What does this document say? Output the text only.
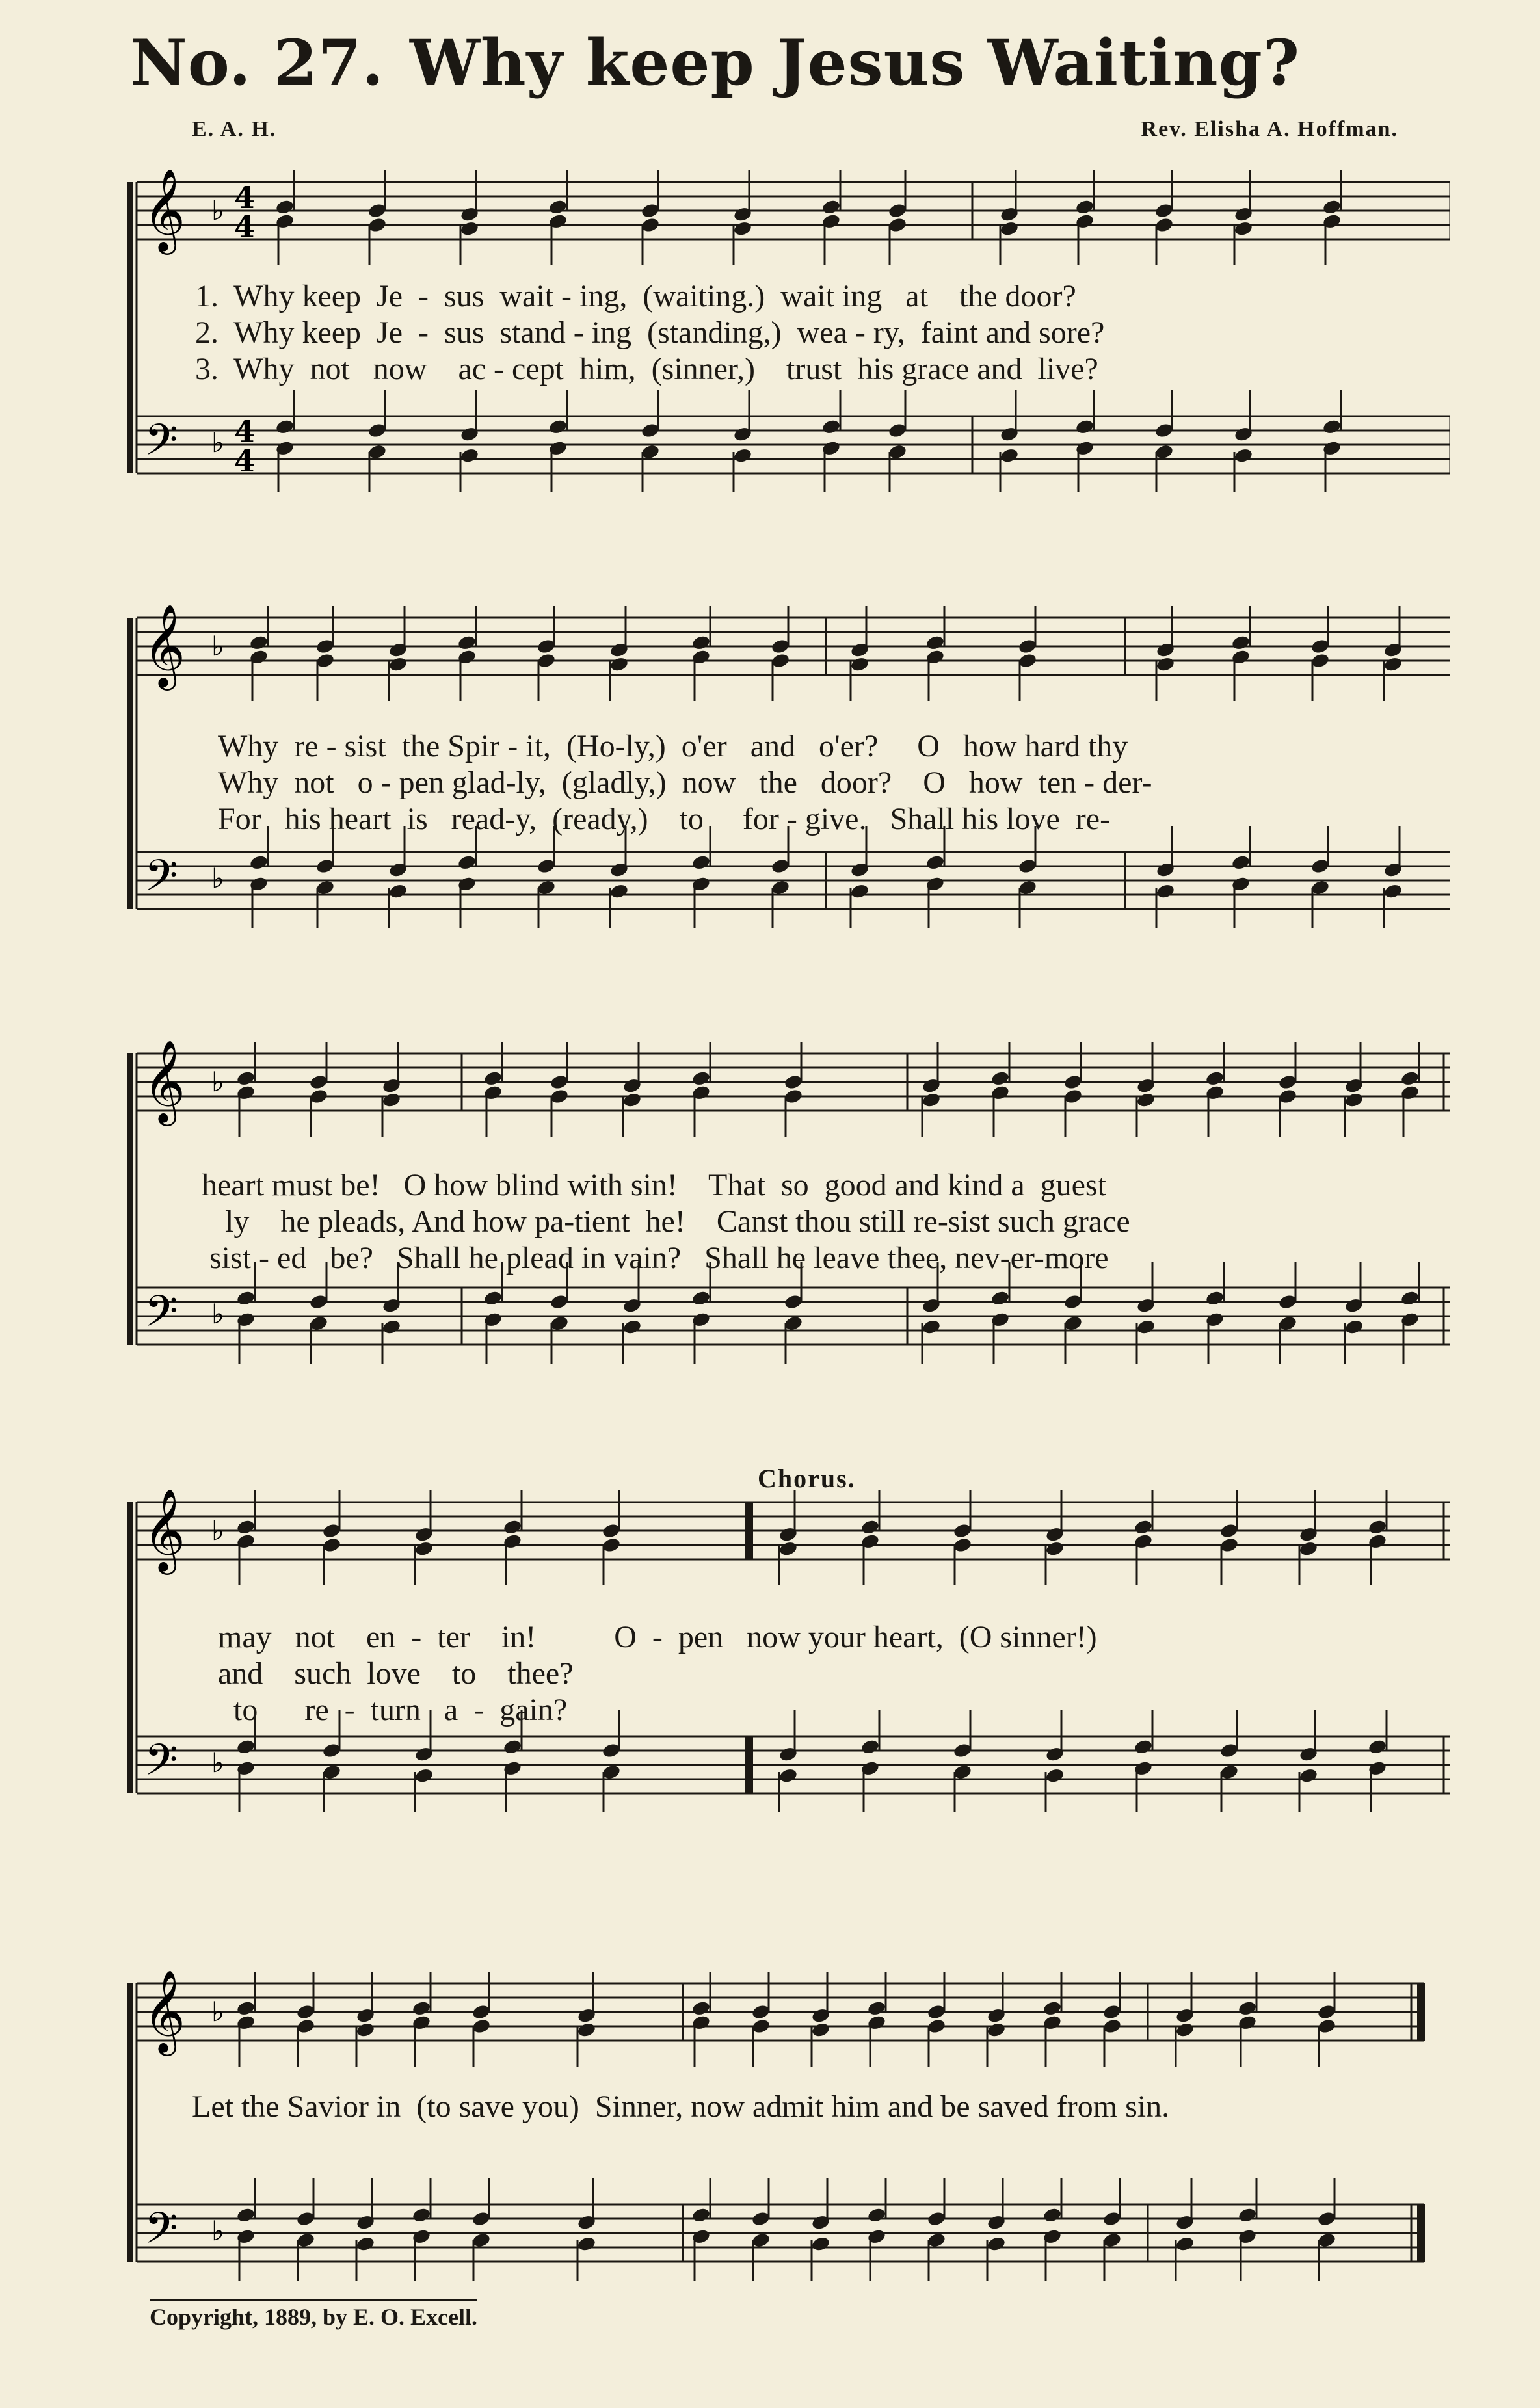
No. 27. Why keep Jesus Waiting?
E. A. H.	Rev. Elisha A. Hoffman.
𝄞
𝄢
♭
♭
4
4
4
4
1.  Why keep  Je  -  sus  wait - ing,  (waiting.)  wait ing   at    the door?
2.  Why keep  Je  -  sus  stand - ing  (standing,)  wea - ry,  faint and sore?
3.  Why  not   now    ac - cept  him,  (sinner,)    trust  his grace and  live?
𝄞
𝄢
♭
♭
Why  re - sist  the Spir - it,  (Ho-ly,)  o'er   and   o'er?     O   how hard thy
Why  not   o - pen glad-ly,  (gladly,)  now   the   door?    O   how  ten - der-
For   his heart  is   read-y,  (ready,)    to     for - give.   Shall his love  re-
𝄞
𝄢
♭
♭
heart must be!   O how blind with sin!    That  so  good and kind a  guest
ly    he pleads, And how pa-tient  he!    Canst thou still re-sist such grace
sist - ed   be?   Shall he plead in vain?   Shall he leave thee, nev-er-more
Chorus.
𝄞
𝄢
♭
♭
may   not    en  -  ter    in!          O  -  pen   now your heart,  (O sinner!)
and    such  love    to    thee?
to      re  -  turn   a  -  gain?
𝄞
𝄢
♭
♭
Let the Savior in  (to save you)  Sinner, now admit him and be saved from sin.
Copyright, 1889, by E. O. Excell.
